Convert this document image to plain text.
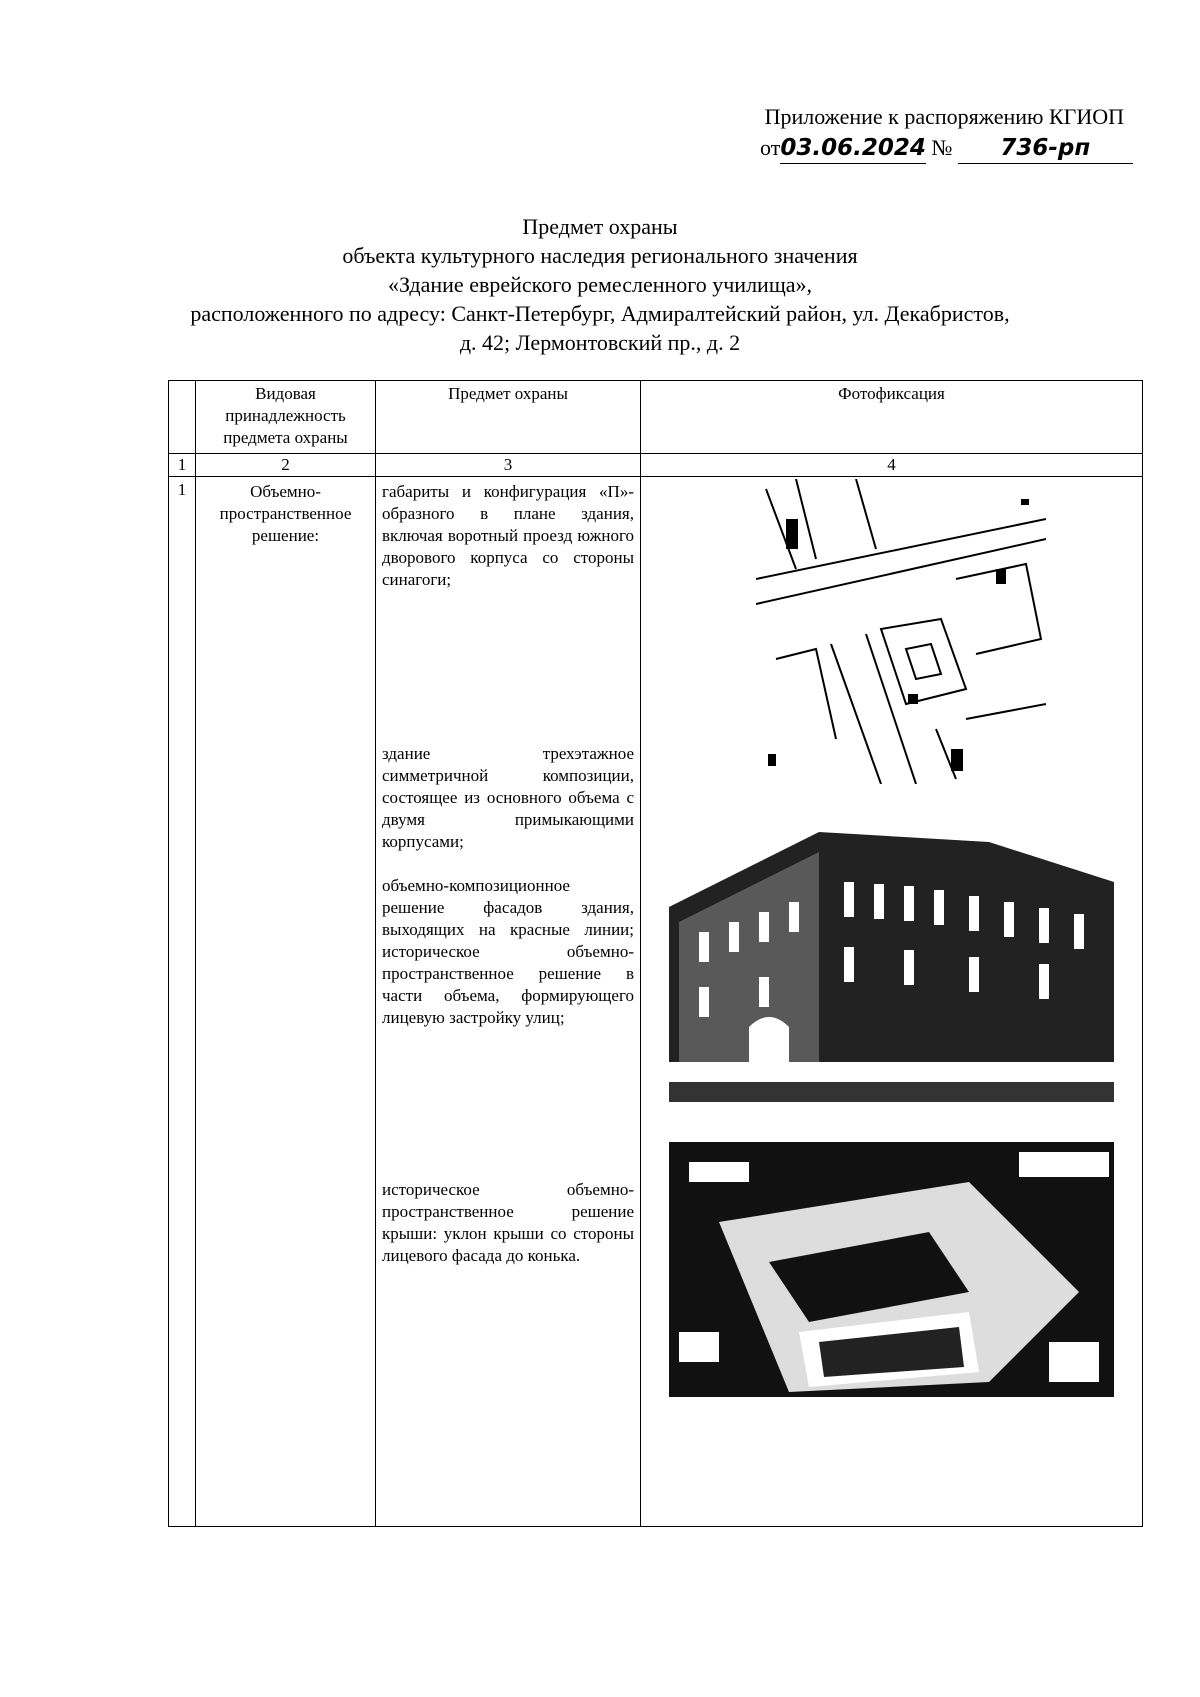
Приложение к распоряжению КГИОП
от03.06.2024 № 736-рп
Предмет охраны
объекта культурного наследия регионального значения
«Здание еврейского ремесленного училища»,
расположенного по адресу: Санкт-Петербург, Адмиралтейский район, ул. Декабристов,
д. 42; Лермонтовский пр., д. 2
	Видовая принадлежность предмета охраны	Предмет охраны	Фотофиксация
1	2	3	4
1	Объемно-пространственное решение:	габариты и конфигурация «П»-образного в плане здания, включая воротный проезд южного дворового корпуса со стороны синагоги;
здание трехэтажное симметричной композиции, состоящее из основного объема с двумя примыкающими корпусами;
объемно-композиционное решение фасадов здания, выходящих на красные линии; историческое объемно-пространственное решение в части объема, формирующего лицевую застройку улиц;
историческое объемно-пространственное решение крыши: уклон крыши со стороны лицевого фасада до конька.
